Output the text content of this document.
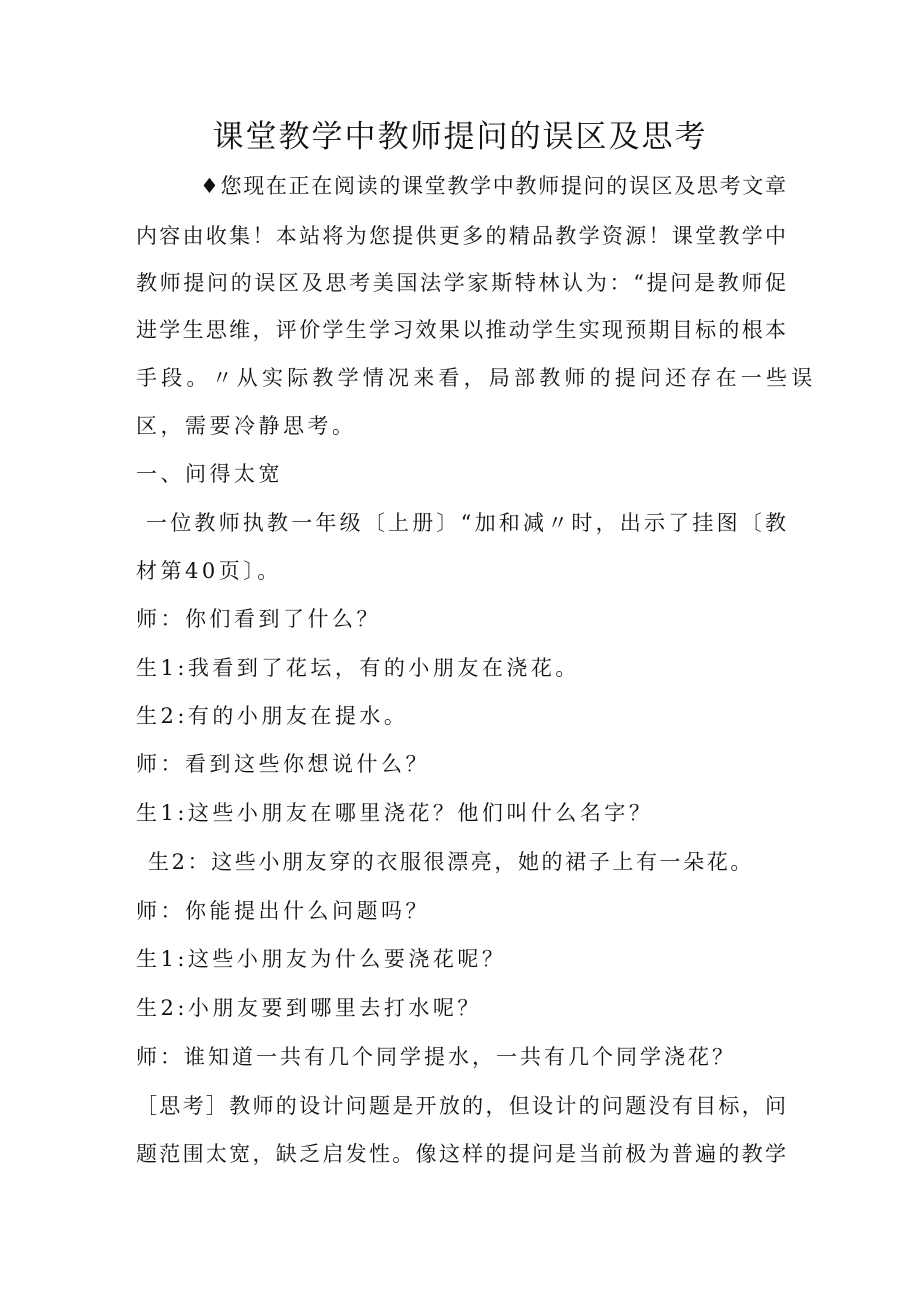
课堂教学中教师提问的误区及思考
♦您现在正在阅读的课堂教学中教师提问的误区及思考文章
内容由收集！本站将为您提供更多的精品教学资源！课堂教学中
教师提问的误区及思考美国法学家斯特林认为：“提问是教师促
进学生思维，评价学生学习效果以推动学生实现预期目标的根本
手段。〃从实际教学情况来看，局部教师的提问还存在一些误
区，需要冷静思考。
一、问得太宽
一位教师执教一年级〔上册〕“加和减〃时，出示了挂图〔教
材第40页〕。
师：你们看到了什么？
生1:我看到了花坛，有的小朋友在浇花。
生2:有的小朋友在提水。
师：看到这些你想说什么？
生1:这些小朋友在哪里浇花？他们叫什么名字？
生2：这些小朋友穿的衣服很漂亮，她的裙子上有一朵花。
师：你能提出什么问题吗？
生1:这些小朋友为什么要浇花呢？
生2:小朋友要到哪里去打水呢？
师：谁知道一共有几个同学提水，一共有几个同学浇花？
［思考］教师的设计问题是开放的，但设计的问题没有目标，问
题范围太宽，缺乏启发性。像这样的提问是当前极为普遍的教学
